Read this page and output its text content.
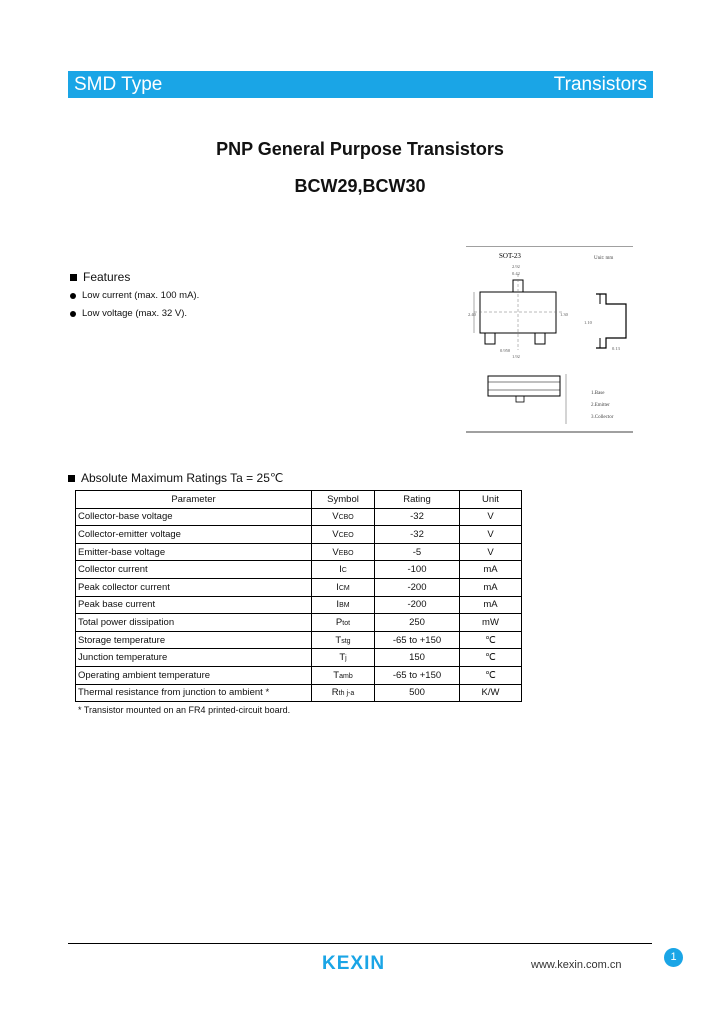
SMD Type	Transistors
PNP General Purpose Transistors
BCW29,BCW30
Features
Low current (max. 100 mA).
Low voltage (max. 32 V).
SOT-23	Unit: mm
2.92
0.42
2.40	1.30
0.950
1.92
1.10
0.13
1.Base
2.Emitter
3.Collector
Absolute Maximum Ratings Ta = 25℃
Parameter	Symbol	Rating	Unit
Collector-base voltage	VCBO	-32	V
Collector-emitter voltage	VCEO	-32	V
Emitter-base voltage	VEBO	-5	V
Collector current	IC	-100	mA
Peak collector current	ICM	-200	mA
Peak base current	IBM	-200	mA
Total power dissipation	Ptot	250	mW
Storage temperature	Tstg	-65 to +150	℃
Junction temperature	Tj	150	℃
Operating ambient temperature	Tamb	-65 to +150	℃
Thermal resistance from junction to ambient *	Rth j-a	500	K/W
* Transistor mounted on an FR4 printed-circuit board.
KEXIN	www.kexin.com.cn
1
